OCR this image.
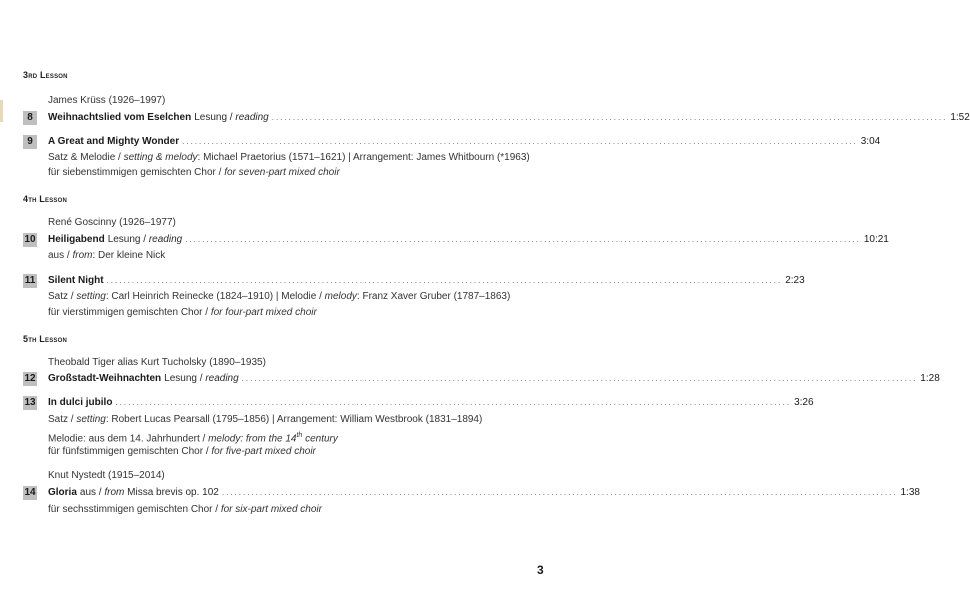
3rd Lesson
James Krüss (1926–1997)
8	Weihnachtslied vom Eselchen Lesung / reading ................................................................................................................................................................ 1:52
9	A Great and Mighty Wonder ................................................................................................................................................................ 3:04
Satz & Melodie / setting & melody: Michael Praetorius (1571–1621) | Arrangement: James Whitbourn (*1963)
für siebenstimmigen gemischten Chor / for seven-part mixed choir
4th Lesson
René Goscinny (1926–1977)
10 Heiligabend Lesung / reading ................................................................................................................................................................ 10:21
aus / from: Der kleine Nick
11 Silent Night ................................................................................................................................................................ 2:23
Satz / setting: Carl Heinrich Reinecke (1824–1910) | Melodie / melody: Franz Xaver Gruber (1787–1863)
für vierstimmigen gemischten Chor / for four-part mixed choir
5th Lesson
Theobald Tiger alias Kurt Tucholsky (1890–1935)
12 Großstadt-Weihnachten Lesung / reading ................................................................................................................................................................ 1:28
13 In dulci jubilo ................................................................................................................................................................ 3:26
Satz / setting: Robert Lucas Pearsall (1795–1856) | Arrangement: William Westbrook (1831–1894)
Melodie: aus dem 14. Jahrhundert / melody: from the 14th century
für fünfstimmigen gemischten Chor / for five-part mixed choir
Knut Nystedt (1915–2014)
14 Gloria aus / from Missa brevis op. 102 ................................................................................................................................................................ 1:38
für sechsstimmigen gemischten Chor / for six-part mixed choir
3
